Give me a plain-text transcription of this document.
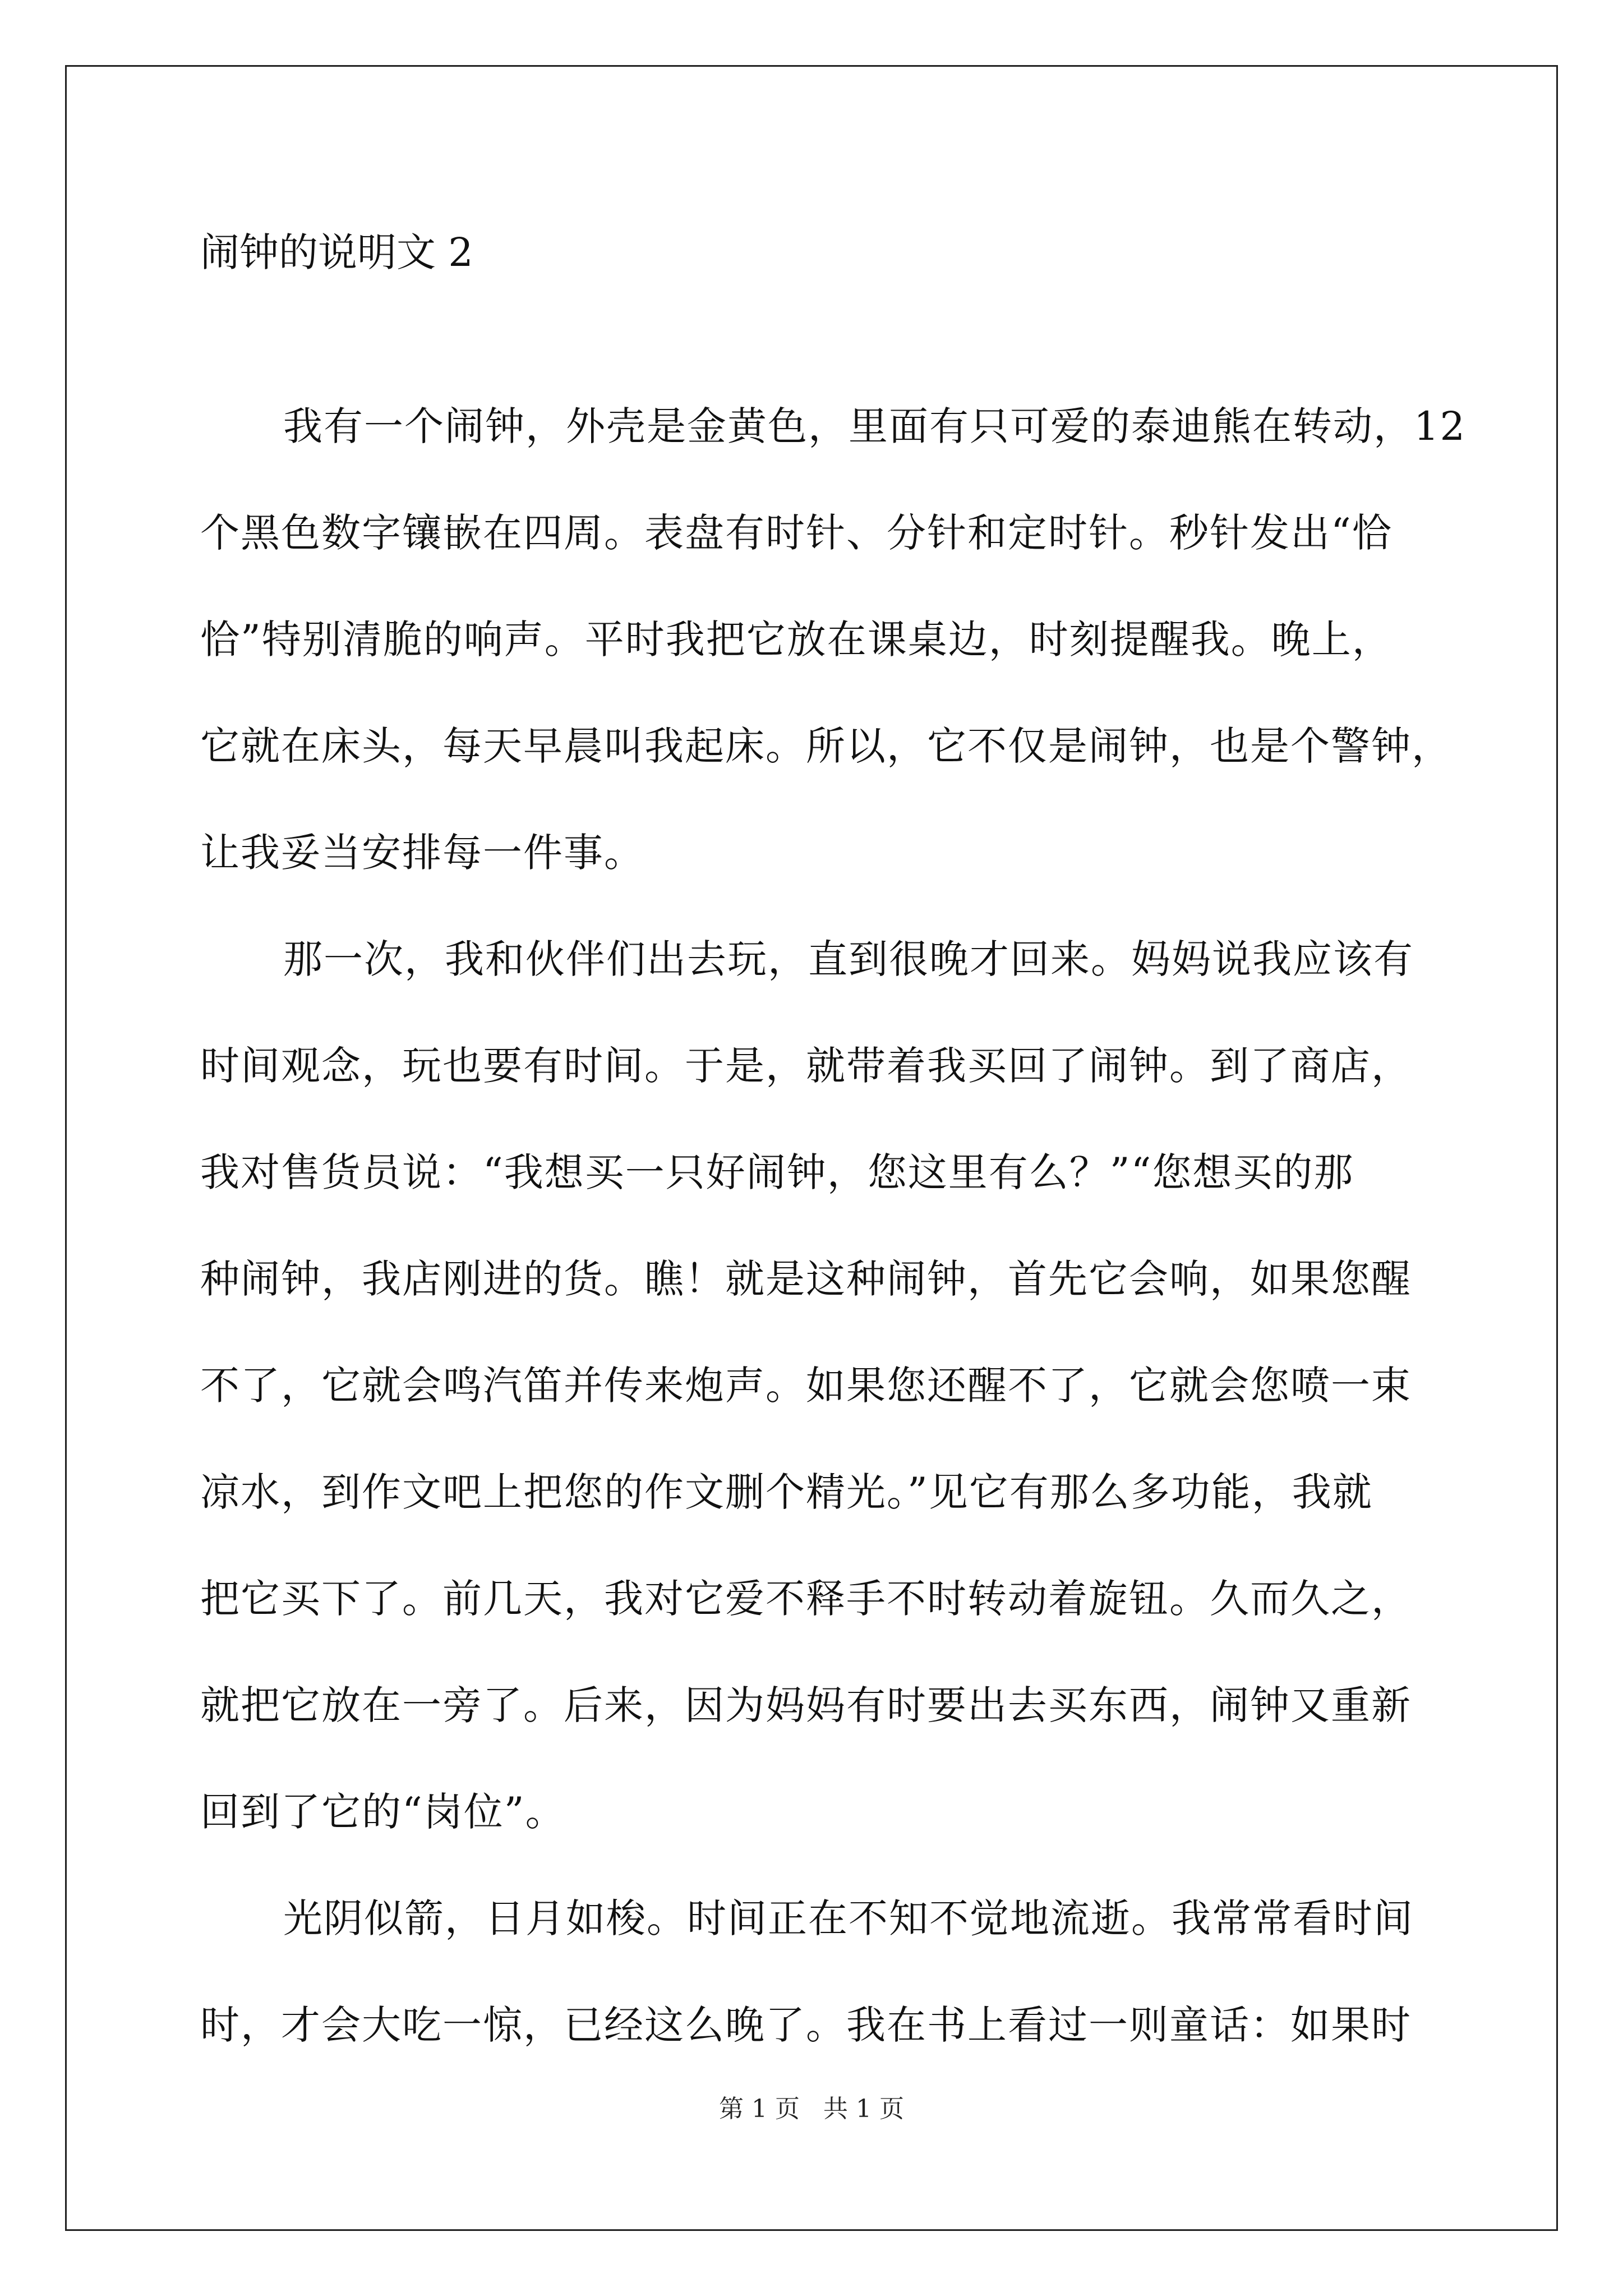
闹钟的说明文 2
我有一个闹钟，外壳是金黄色，里面有只可爱的泰迪熊在转动，12
个黑色数字镶嵌在四周。表盘有时针、分针和定时针。秒针发出“恰
恰”特别清脆的响声。平时我把它放在课桌边，时刻提醒我。晚上，
它就在床头，每天早晨叫我起床。所以，它不仅是闹钟，也是个警钟，
让我妥当安排每一件事。
那一次，我和伙伴们出去玩，直到很晚才回来。妈妈说我应该有
时间观念，玩也要有时间。于是，就带着我买回了闹钟。到了商店，
我对售货员说：“我想买一只好闹钟，您这里有么？”“您想买的那
种闹钟，我店刚进的货。瞧！就是这种闹钟，首先它会响，如果您醒
不了，它就会鸣汽笛并传来炮声。如果您还醒不了，它就会您喷一束
凉水，到作文吧上把您的作文删个精光。”见它有那么多功能，我就
把它买下了。前几天，我对它爱不释手不时转动着旋钮。久而久之，
就把它放在一旁了。后来，因为妈妈有时要出去买东西，闹钟又重新
回到了它的“岗位”。
光阴似箭，日月如梭。时间正在不知不觉地流逝。我常常看时间
时，才会大吃一惊，已经这么晚了。我在书上看过一则童话：如果时
第 1 页   共 1 页
